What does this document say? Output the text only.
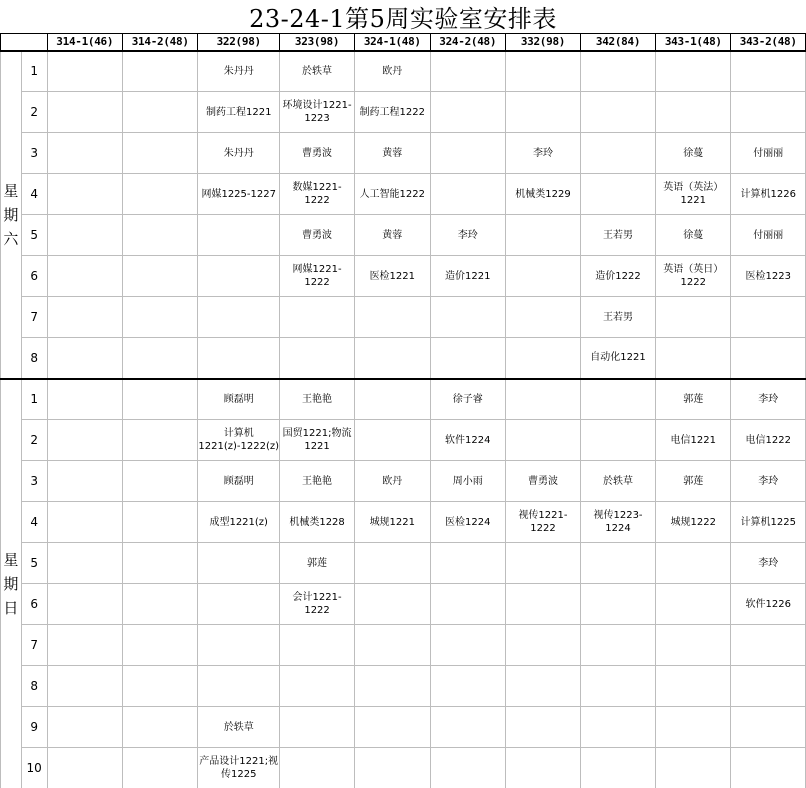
23-24-1第5周实验室安排表
		314-1(46)	314-2(48)	322(98)	323(98)	324-1(48)	324-2(48)	332(98)	342(84)	343-1(48)	343-2(48)

星
期
六	1			朱丹丹	於轶草	欧丹					
	2			制药工程1221	环境设计1221-1223	制药工程1222					
	3			朱丹丹	曹勇波	黄蓉		李玲		徐蔓	付丽丽
	4			网媒1225-1227	数媒1221-1222	人工智能1222		机械类1229		英语（英法）1221	计算机1226
	5				曹勇波	黄蓉	李玲		王若男	徐蔓	付丽丽
	6				网媒1221-1222	医检1221	造价1221		造价1222	英语（英日）1222	医检1223
	7								王若男		
	8								自动化1221		

星
期
日	1			顾磊明	王艳艳		徐子睿			郭莲	李玲
	2			计算机1221(z)-1222(z)	国贸1221;物流1221		软件1224			电信1221	电信1222
	3			顾磊明	王艳艳	欧丹	周小雨	曹勇波	於轶草	郭莲	李玲
	4			成型1221(z)	机械类1228	城规1221	医检1224	视传1221-1222	视传1223-1224	城规1222	计算机1225
	5				郭莲						李玲
	6				会计1221-1222						软件1226
	7										
	8										
	9			於轶草							
	10			产品设计1221;视传1225							
